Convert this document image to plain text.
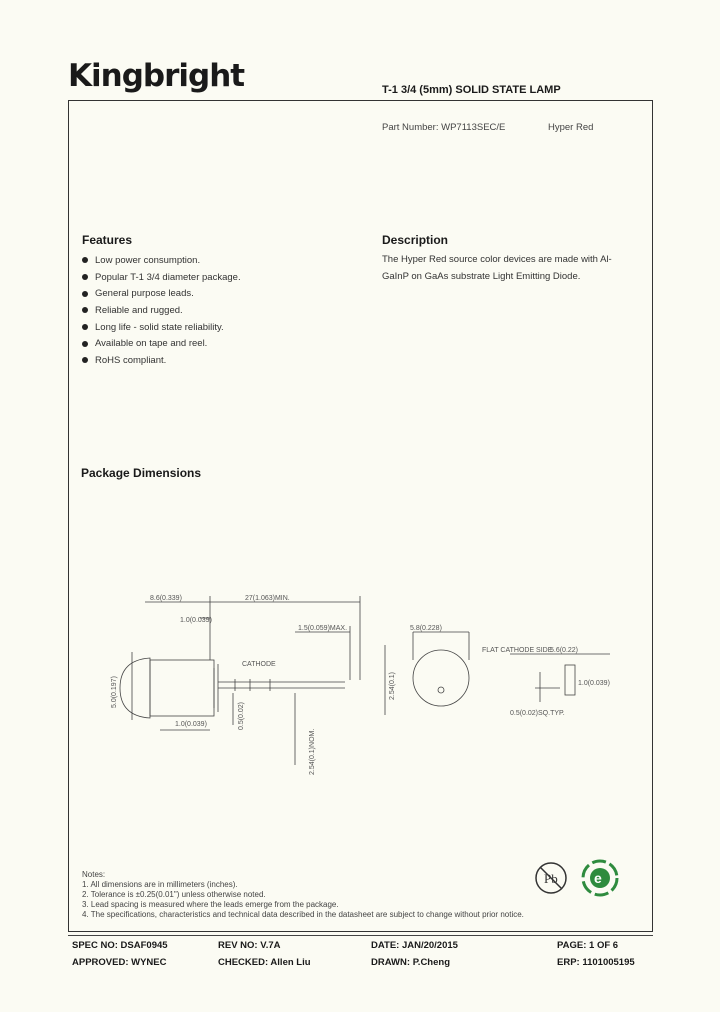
Kingbright	T-1 3/4 (5mm) SOLID STATE LAMP
Part Number: WP7113SEC/E	Hyper Red
Features
Low power consumption.
Popular T-1 3/4 diameter package.
General purpose leads.
Reliable and rugged.
Long life - solid state reliability.
Available on tape and reel.
RoHS compliant.
Description
The Hyper Red source color devices are made with Al-
GaInP on GaAs substrate Light Emitting Diode.
Package Dimensions
8.6(0.339)	27(1.063)MIN.
1.0(0.039)
1.5(0.059)MAX.
CATHODE
5.0(0.197)
1.0(0.039)	0.5(0.02)
2.54(0.1)NOM.
5.8(0.228)
0.5(0.02)SQ.TYP.
2.54(0.1)
FLAT CATHODE SIDE
5.6(0.22)
1.0(0.039)
Notes:
1. All dimensions are in millimeters (inches).
2. Tolerance is ±0.25(0.01") unless otherwise noted.
3. Lead spacing is measured where the leads emerge from the package.
4. The specifications, characteristics and technical data described in the datasheet are subject to change without prior notice.
Pb	e
SPEC NO: DSAF0945	REV NO: V.7A	DATE: JAN/20/2015	PAGE: 1 OF 6
APPROVED: WYNEC	CHECKED: Allen Liu	DRAWN: P.Cheng	ERP: 1101005195
